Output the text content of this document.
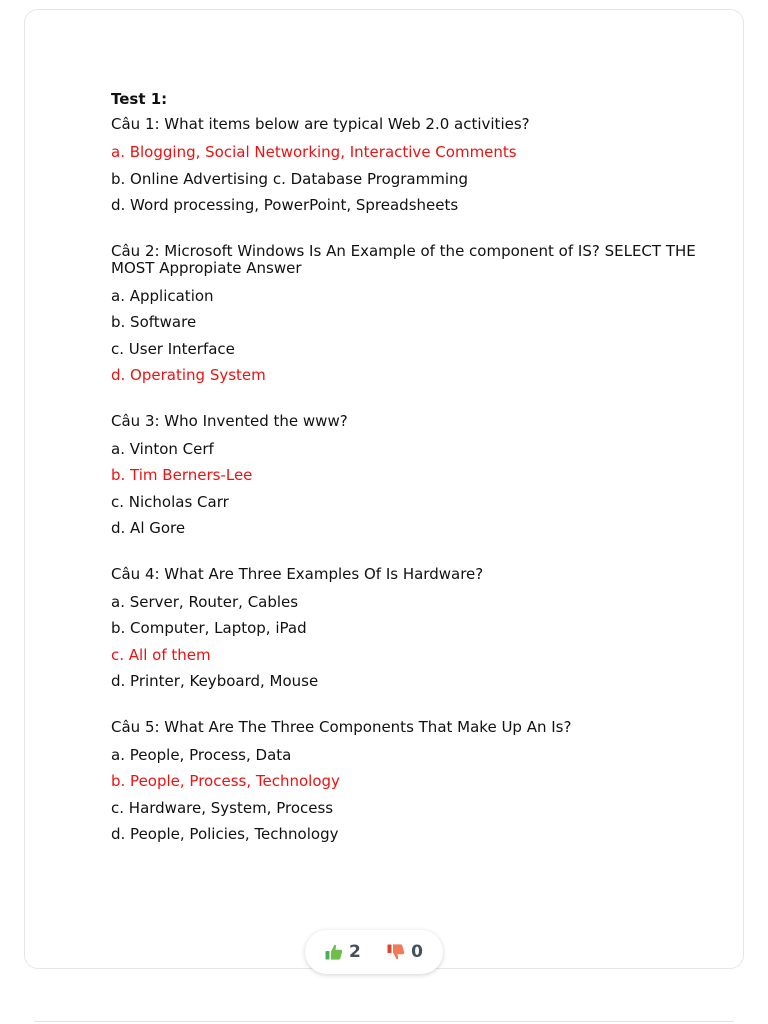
Test 1:

Câu 1: What items below are typical Web 2.0 activities?

a. Blogging, Social Networking, Interactive Comments

b. Online Advertising c. Database Programming

d. Word processing, PowerPoint, Spreadsheets

Câu 2: Microsoft Windows Is An Example of the component of IS? SELECT THE MOST Appropiate Answer

a. Application

b. Software

c. User Interface

d. Operating System

Câu 3: Who Invented the www?

a. Vinton Cerf

b. Tim Berners-Lee

c. Nicholas Carr

d. Al Gore

Câu 4: What Are Three Examples Of Is Hardware?

a. Server, Router, Cables

b. Computer, Laptop, iPad

c. All of them

d. Printer, Keyboard, Mouse

Câu 5: What Are The Three Components That Make Up An Is?

a. People, Process, Data

b. People, Process, Technology

c. Hardware, System, Process

d. People, Policies, Technology

2	0
